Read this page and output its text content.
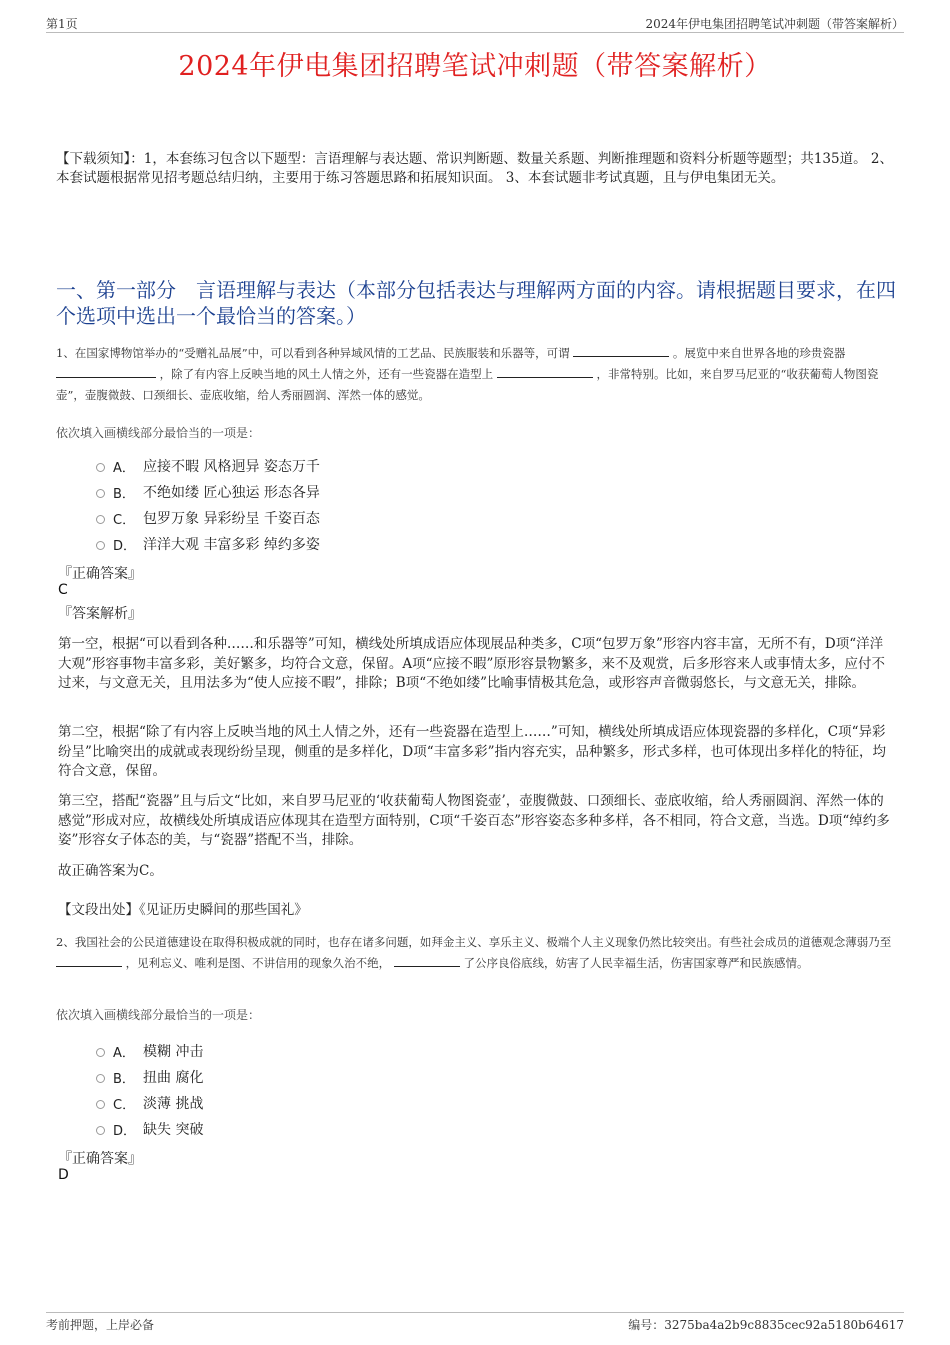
第1页	2024年伊电集团招聘笔试冲刺题（带答案解析）
2024年伊电集团招聘笔试冲刺题（带答案解析）
【下载须知】：1，本套练习包含以下题型：言语理解与表达题、常识判断题、数量关系题、判断推理题和资料分析题等题型；共135道。 2、本套试题根据常见招考题总结归纳，主要用于练习答题思路和拓展知识面。 3、本套试题非考试真题，且与伊电集团无关。
一、第一部分　言语理解与表达（本部分包括表达与理解两方面的内容。请根据题目要求，在四个选项中选出一个最恰当的答案。）
1、在国家博物馆举办的“受赠礼品展”中，可以看到各种异域风情的工艺品、民族服装和乐器等，可谓	。展览中来自世界各地的珍贵瓷器  ，除了有内容上反映当地的风土人情之外，还有一些瓷器在造型上	，非常特别。比如，来自罗马尼亚的“收获葡萄人物图瓷壶”，壶腹微鼓、口颈细长、壶底收缩，给人秀丽圆润、浑然一体的感觉。
依次填入画横线部分最恰当的一项是：
A． 应接不暇 风格迥异 姿态万千
B． 不绝如缕 匠心独运 形态各异
C． 包罗万象 异彩纷呈 千姿百态
D． 洋洋大观 丰富多彩 绰约多姿
『正确答案』
C
『答案解析』
第一空，根据“可以看到各种……和乐器等”可知，横线处所填成语应体现展品种类多，C项“包罗万象”形容内容丰富，无所不有，D项“洋洋大观”形容事物丰富多彩，美好繁多，均符合文意，保留。A项“应接不暇”原形容景物繁多，来不及观赏，后多形容来人或事情太多，应付不过来，与文意无关，且用法多为“使人应接不暇”，排除；B项“不绝如缕”比喻事情极其危急，或形容声音微弱悠长，与文意无关，排除。
第二空，根据“除了有内容上反映当地的风土人情之外，还有一些瓷器在造型上……”可知，横线处所填成语应体现瓷器的多样化，C项“异彩纷呈”比喻突出的成就或表现纷纷呈现，侧重的是多样化，D项“丰富多彩”指内容充实，品种繁多，形式多样，也可体现出多样化的特征，均符合文意，保留。
第三空，搭配“瓷器”且与后文“比如，来自罗马尼亚的‘收获葡萄人物图瓷壶’，壶腹微鼓、口颈细长、壶底收缩，给人秀丽圆润、浑然一体的感觉”形成对应，故横线处所填成语应体现其在造型方面特别，C项“千姿百态”形容姿态多种多样，各不相同，符合文意，当选。D项“绰约多姿”形容女子体态的美，与“瓷器”搭配不当，排除。
故正确答案为C。
【文段出处】《见证历史瞬间的那些国礼》
2、我国社会的公民道德建设在取得积极成就的同时，也存在诸多问题，如拜金主义、享乐主义、极端个人主义现象仍然比较突出。有些社会成员的道德观念薄弱乃至  ，见利忘义、唯利是图、不讲信用的现象久治不绝，	了公序良俗底线，妨害了人民幸福生活，伤害国家尊严和民族感情。
依次填入画横线部分最恰当的一项是：
A． 模糊 冲击
B． 扭曲 腐化
C． 淡薄 挑战
D． 缺失 突破
『正确答案』
D
考前押题，上岸必备	编号：3275ba4a2b9c8835cec92a5180b64617
